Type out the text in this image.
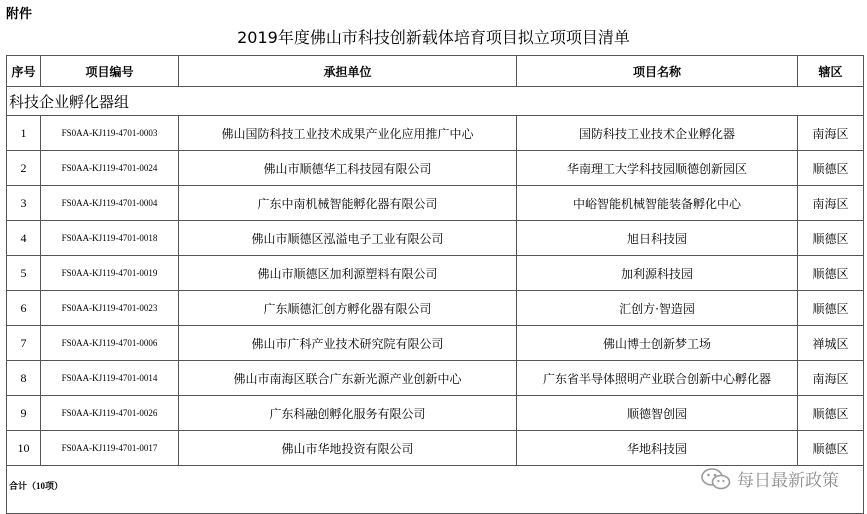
附件
2019年度佛山市科技创新载体培育项目拟立项项目清单
序号	项目编号	承担单位	项目名称	辖区
科技企业孵化器组				
1	FS0AA-KJ119-4701-0003	佛山国防科技工业技术成果产业化应用推广中心	国防科技工业技术企业孵化器	南海区
2	FS0AA-KJ119-4701-0024	佛山市顺德华工科技园有限公司	华南理工大学科技园顺德创新园区	顺德区
3	FS0AA-KJ119-4701-0004	广东中南机械智能孵化器有限公司	中峪智能机械智能装备孵化中心	南海区
4	FS0AA-KJ119-4701-0018	佛山市顺德区泓溢电子工业有限公司	旭日科技园	顺德区
5	FS0AA-KJ119-4701-0019	佛山市顺德区加利源塑料有限公司	加利源科技园	顺德区
6	FS0AA-KJ119-4701-0023	广东顺德汇创方孵化器有限公司	汇创方·智造园	顺德区
7	FS0AA-KJ119-4701-0006	佛山市广科产业技术研究院有限公司	佛山博士创新梦工场	禅城区
8	FS0AA-KJ119-4701-0014	佛山市南海区联合广东新光源产业创新中心	广东省半导体照明产业联合创新中心孵化器	南海区
9	FS0AA-KJ119-4701-0026	广东科融创孵化服务有限公司	顺德智创园	顺德区
10	FS0AA-KJ119-4701-0017	佛山市华地投资有限公司	华地科技园	顺德区
合计（10项）					每日最新政策
